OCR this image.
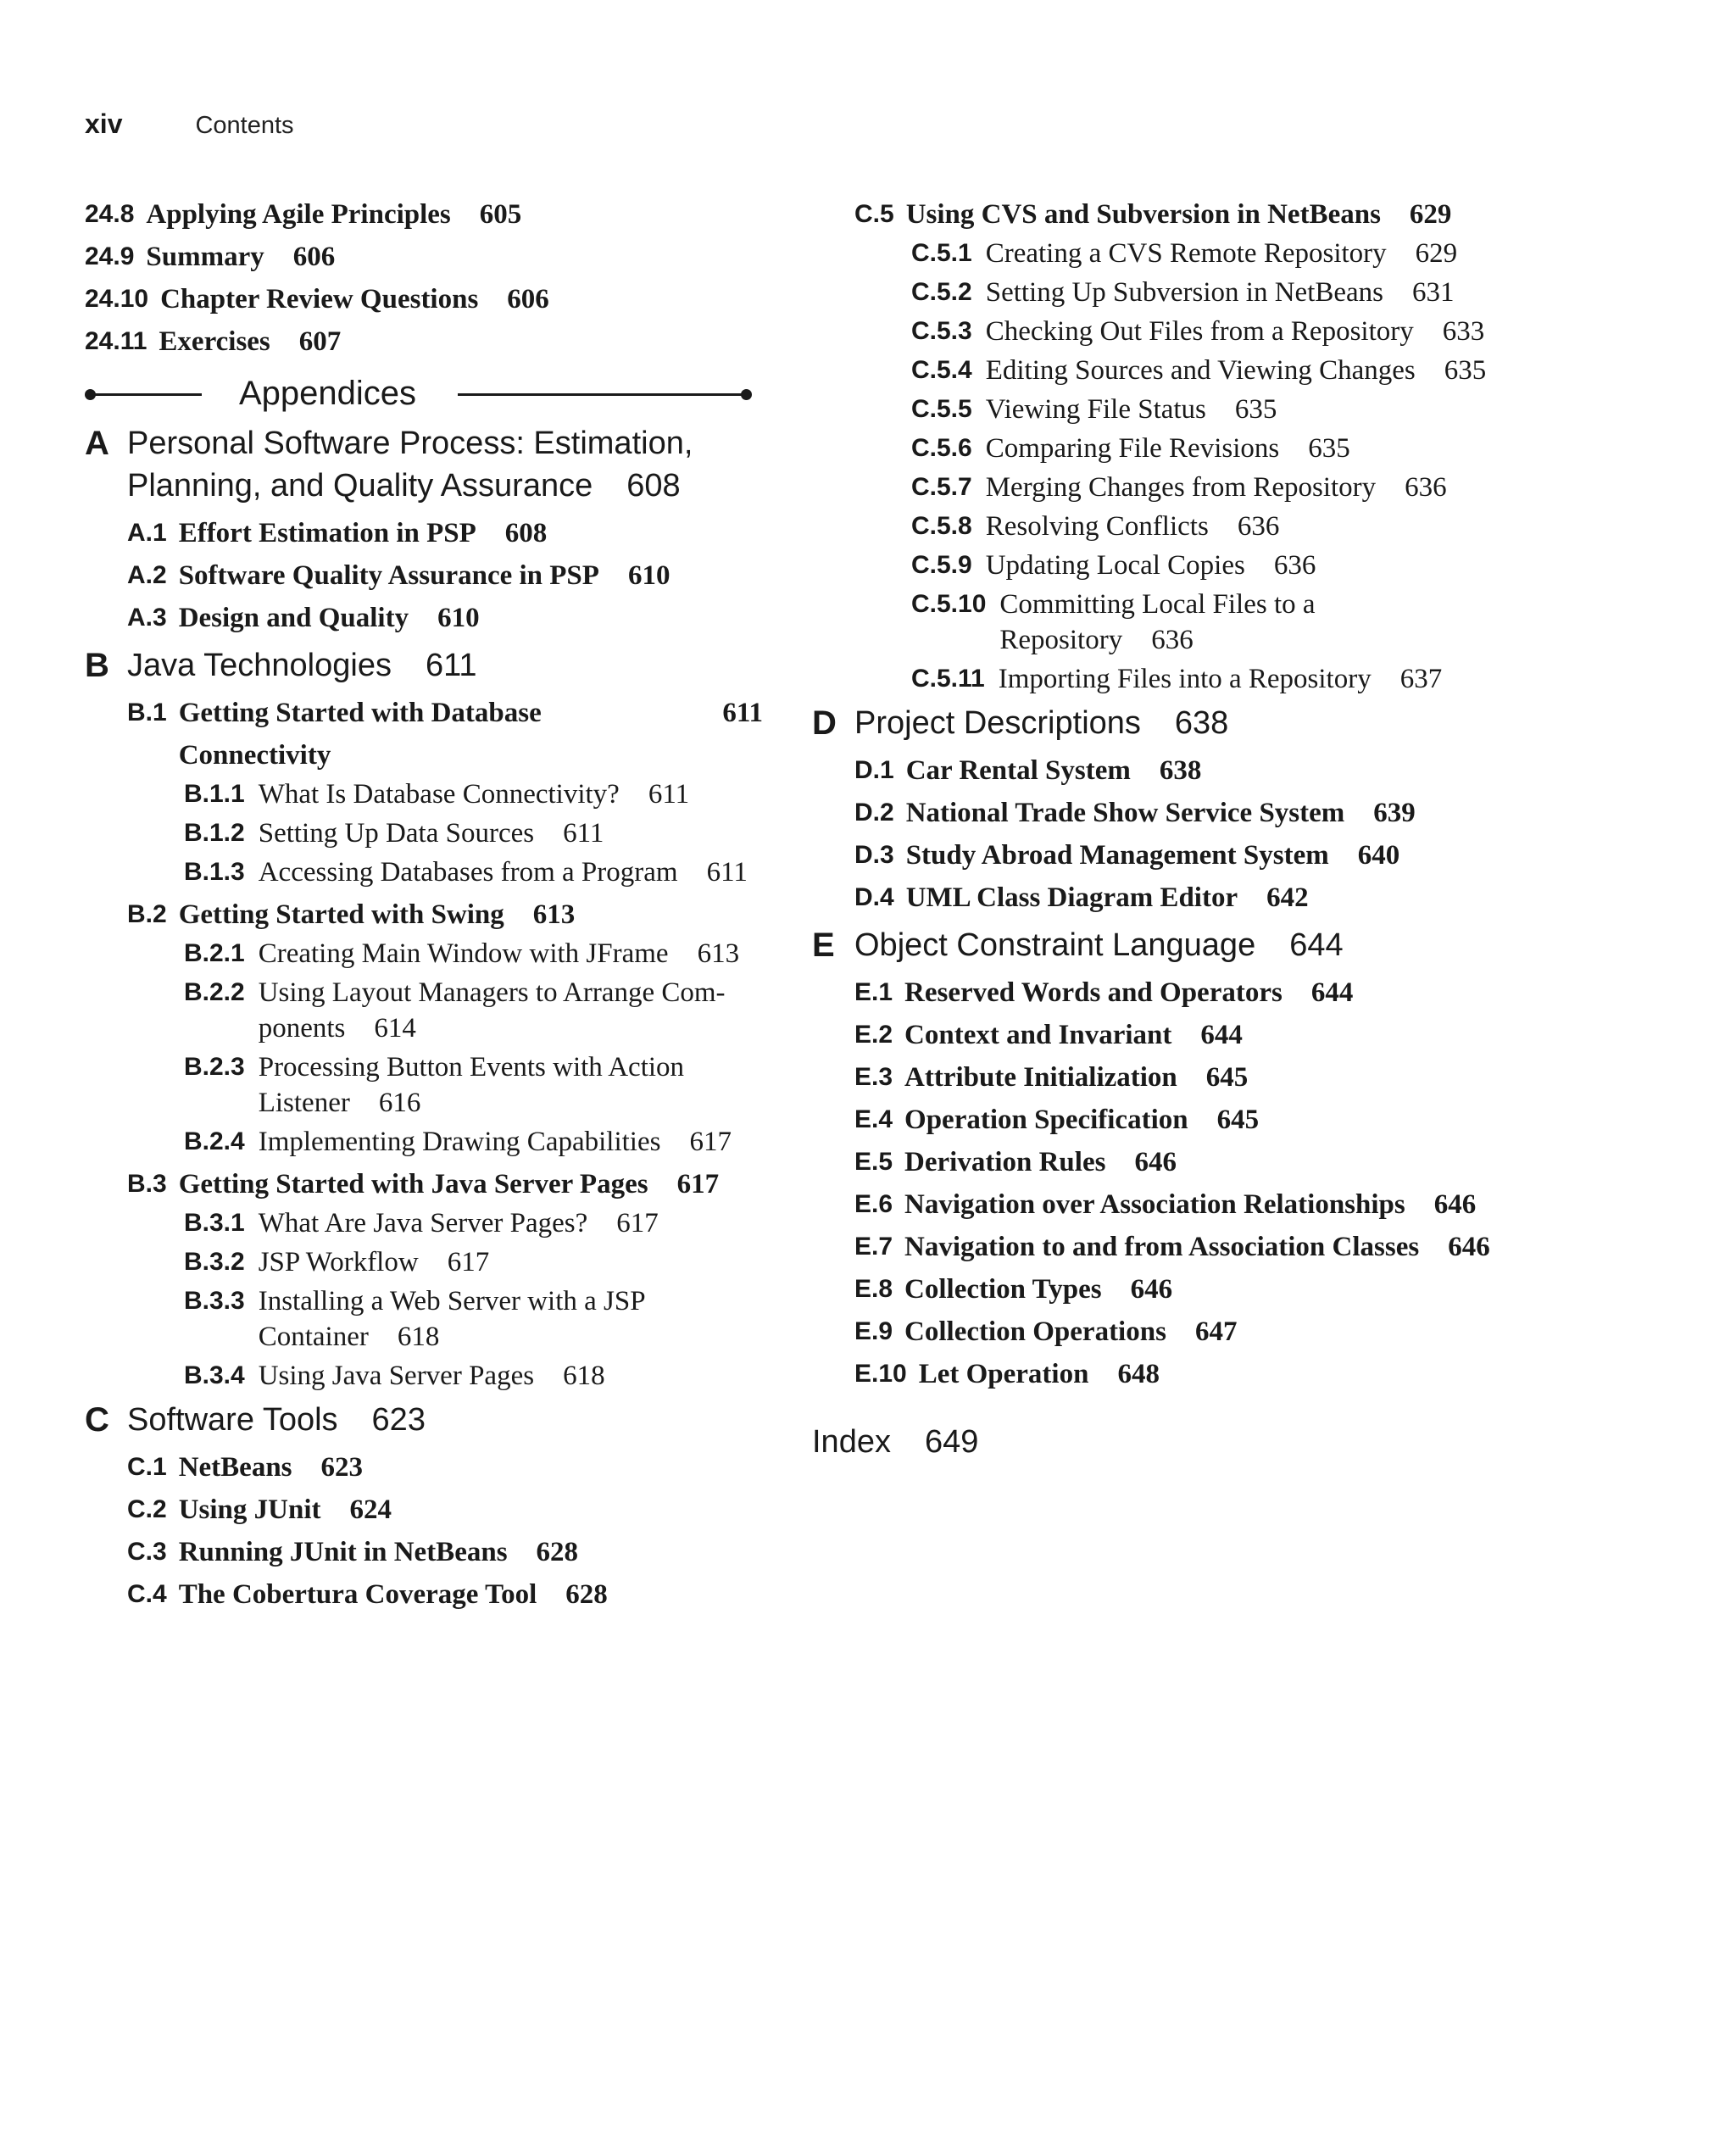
xiv	Contents
24.8 Applying Agile Principles 605
24.9 Summary 606
24.10 Chapter Review Questions 606
24.11 Exercises 607
Appendices
A Personal Software Process: Estimation,
Planning, and Quality Assurance 608
A.1 Effort Estimation in PSP 608
A.2 Software Quality Assurance in PSP 610
A.3 Design and Quality 610
B Java Technologies 611
B.1 Getting Started with Database Connectivity
611
B.1.1 What Is Database Connectivity? 611
B.1.2 Setting Up Data Sources 611
B.1.3 Accessing Databases from a Program 611
B.2 Getting Started with Swing 613
B.2.1 Creating Main Window with JFrame 613
B.2.2 Using Layout Managers to Arrange Com-
ponents 614
B.2.3 Processing Button Events with Action
Listener 616
B.2.4 Implementing Drawing Capabilities 617
B.3 Getting Started with Java Server Pages 617
B.3.1 What Are Java Server Pages? 617
B.3.2 JSP Workflow 617
B.3.3 Installing a Web Server with a JSP
Container 618
B.3.4 Using Java Server Pages 618
C Software Tools 623
C.1 NetBeans 623
C.2 Using JUnit 624
C.3 Running JUnit in NetBeans 628
C.4 The Cobertura Coverage Tool 628
C.5 Using CVS and Subversion in NetBeans 629
C.5.1 Creating a CVS Remote Repository 629
C.5.2 Setting Up Subversion in NetBeans 631
C.5.3 Checking Out Files from a Repository 633
C.5.4 Editing Sources and Viewing Changes 635
C.5.5 Viewing File Status 635
C.5.6 Comparing File Revisions 635
C.5.7 Merging Changes from Repository 636
C.5.8 Resolving Conflicts 636
C.5.9 Updating Local Copies 636
C.5.10 Committing Local Files to a
Repository 636
C.5.11 Importing Files into a Repository 637
D Project Descriptions 638
D.1 Car Rental System 638
D.2 National Trade Show Service System 639
D.3 Study Abroad Management System 640
D.4 UML Class Diagram Editor 642
E Object Constraint Language 644
E.1 Reserved Words and Operators 644
E.2 Context and Invariant 644
E.3 Attribute Initialization 645
E.4 Operation Specification 645
E.5 Derivation Rules 646
E.6 Navigation over Association Relationships 646
E.7 Navigation to and from Association Classes 646
E.8 Collection Types 646
E.9 Collection Operations 647
E.10 Let Operation 648
Index 649
